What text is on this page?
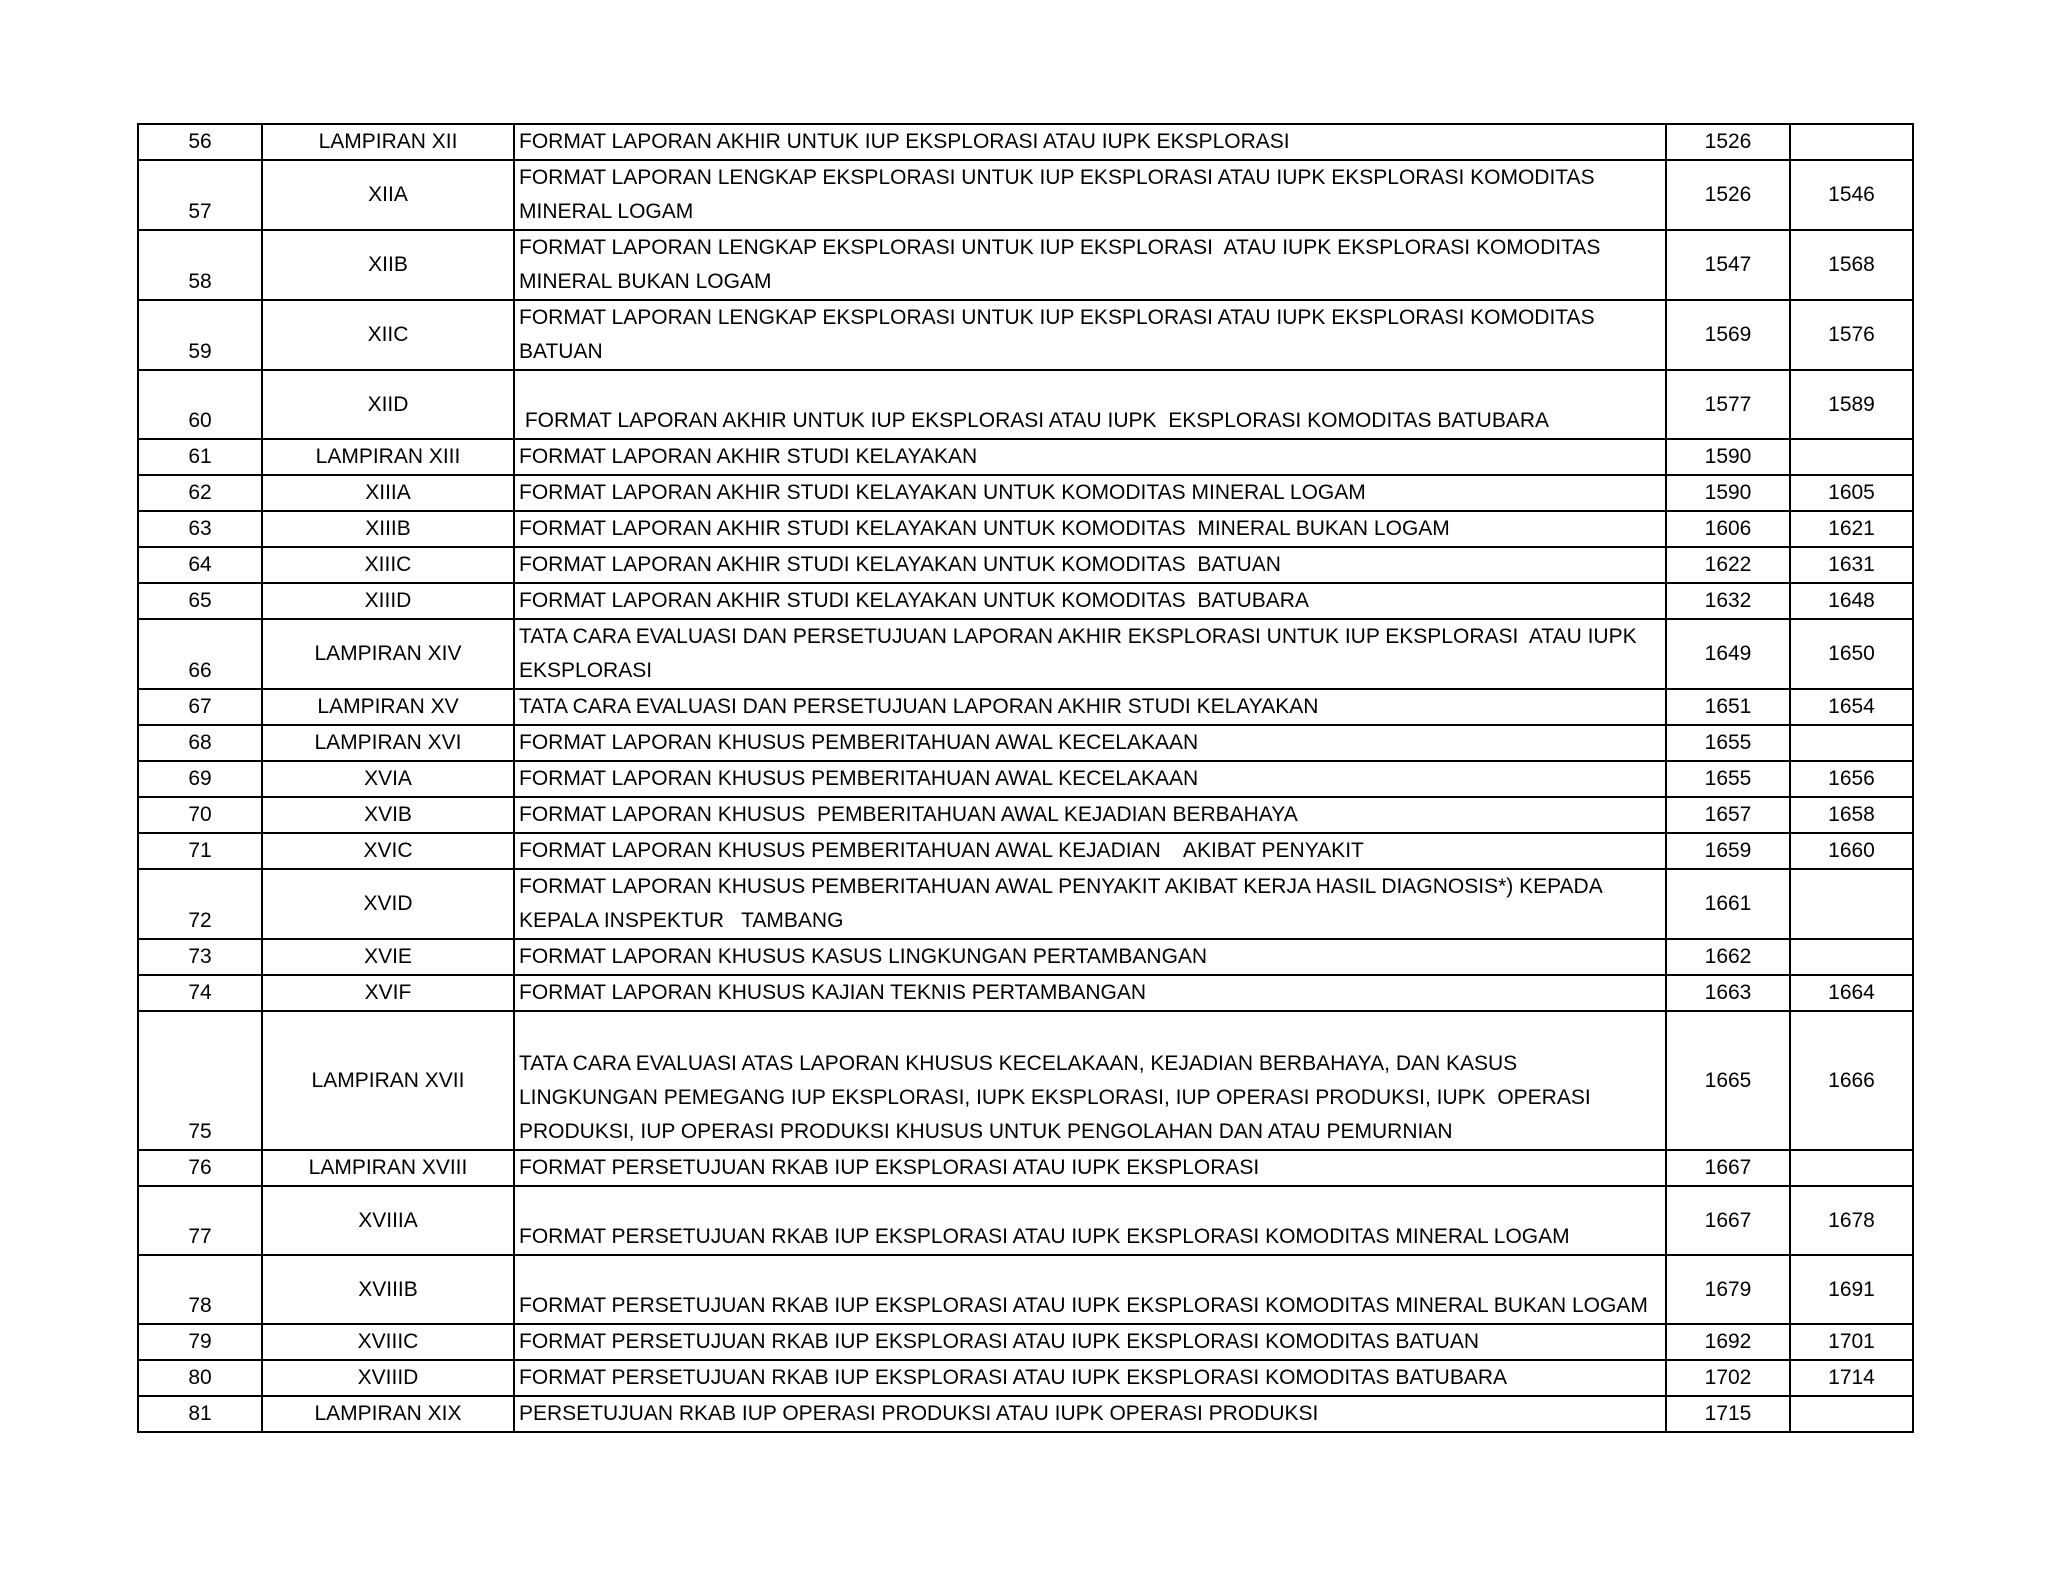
56	LAMPIRAN XII	FORMAT LAPORAN AKHIR UNTUK IUP EKSPLORASI ATAU IUPK EKSPLORASI	1526	
57	XIIA	FORMAT LAPORAN LENGKAP EKSPLORASI UNTUK IUP EKSPLORASI ATAU IUPK EKSPLORASI KOMODITAS MINERAL LOGAM	1526	1546
58	XIIB	FORMAT LAPORAN LENGKAP EKSPLORASI UNTUK IUP EKSPLORASI  ATAU IUPK EKSPLORASI KOMODITAS MINERAL BUKAN LOGAM	1547	1568
59	XIIC	FORMAT LAPORAN LENGKAP EKSPLORASI UNTUK IUP EKSPLORASI ATAU IUPK EKSPLORASI KOMODITAS BATUAN	1569	1576
60	XIID	FORMAT LAPORAN AKHIR UNTUK IUP EKSPLORASI ATAU IUPK  EKSPLORASI KOMODITAS BATUBARA	1577	1589
61	LAMPIRAN XIII	FORMAT LAPORAN AKHIR STUDI KELAYAKAN	1590	
62	XIIIA	FORMAT LAPORAN AKHIR STUDI KELAYAKAN UNTUK KOMODITAS MINERAL LOGAM	1590	1605
63	XIIIB	FORMAT LAPORAN AKHIR STUDI KELAYAKAN UNTUK KOMODITAS  MINERAL BUKAN LOGAM	1606	1621
64	XIIIC	FORMAT LAPORAN AKHIR STUDI KELAYAKAN UNTUK KOMODITAS  BATUAN	1622	1631
65	XIIID	FORMAT LAPORAN AKHIR STUDI KELAYAKAN UNTUK KOMODITAS  BATUBARA	1632	1648
66	LAMPIRAN XIV	TATA CARA EVALUASI DAN PERSETUJUAN LAPORAN AKHIR EKSPLORASI UNTUK IUP EKSPLORASI  ATAU IUPK EKSPLORASI	1649	1650
67	LAMPIRAN XV	TATA CARA EVALUASI DAN PERSETUJUAN LAPORAN AKHIR STUDI KELAYAKAN	1651	1654
68	LAMPIRAN XVI	FORMAT LAPORAN KHUSUS PEMBERITAHUAN AWAL KECELAKAAN	1655	
69	XVIA	FORMAT LAPORAN KHUSUS PEMBERITAHUAN AWAL KECELAKAAN	1655	1656
70	XVIB	FORMAT LAPORAN KHUSUS  PEMBERITAHUAN AWAL KEJADIAN BERBAHAYA	1657	1658
71	XVIC	FORMAT LAPORAN KHUSUS PEMBERITAHUAN AWAL KEJADIAN    AKIBAT PENYAKIT	1659	1660
72	XVID	FORMAT LAPORAN KHUSUS PEMBERITAHUAN AWAL PENYAKIT AKIBAT KERJA HASIL DIAGNOSIS*) KEPADA KEPALA INSPEKTUR   TAMBANG	1661	
73	XVIE	FORMAT LAPORAN KHUSUS KASUS LINGKUNGAN PERTAMBANGAN	1662	
74	XVIF	FORMAT LAPORAN KHUSUS KAJIAN TEKNIS PERTAMBANGAN	1663	1664
75	LAMPIRAN XVII	TATA CARA EVALUASI ATAS LAPORAN KHUSUS KECELAKAAN, KEJADIAN BERBAHAYA, DAN KASUS LINGKUNGAN PEMEGANG IUP EKSPLORASI, IUPK EKSPLORASI, IUP OPERASI PRODUKSI, IUPK  OPERASI PRODUKSI, IUP OPERASI PRODUKSI KHUSUS UNTUK PENGOLAHAN DAN ATAU PEMURNIAN	1665	1666
76	LAMPIRAN XVIII	FORMAT PERSETUJUAN RKAB IUP EKSPLORASI ATAU IUPK EKSPLORASI	1667	
77	XVIIIA	FORMAT PERSETUJUAN RKAB IUP EKSPLORASI ATAU IUPK EKSPLORASI KOMODITAS MINERAL LOGAM	1667	1678
78	XVIIIB	FORMAT PERSETUJUAN RKAB IUP EKSPLORASI ATAU IUPK EKSPLORASI KOMODITAS MINERAL BUKAN LOGAM	1679	1691
79	XVIIIC	FORMAT PERSETUJUAN RKAB IUP EKSPLORASI ATAU IUPK EKSPLORASI KOMODITAS BATUAN	1692	1701
80	XVIIID	FORMAT PERSETUJUAN RKAB IUP EKSPLORASI ATAU IUPK EKSPLORASI KOMODITAS BATUBARA	1702	1714
81	LAMPIRAN XIX	PERSETUJUAN RKAB IUP OPERASI PRODUKSI ATAU IUPK OPERASI PRODUKSI	1715	
